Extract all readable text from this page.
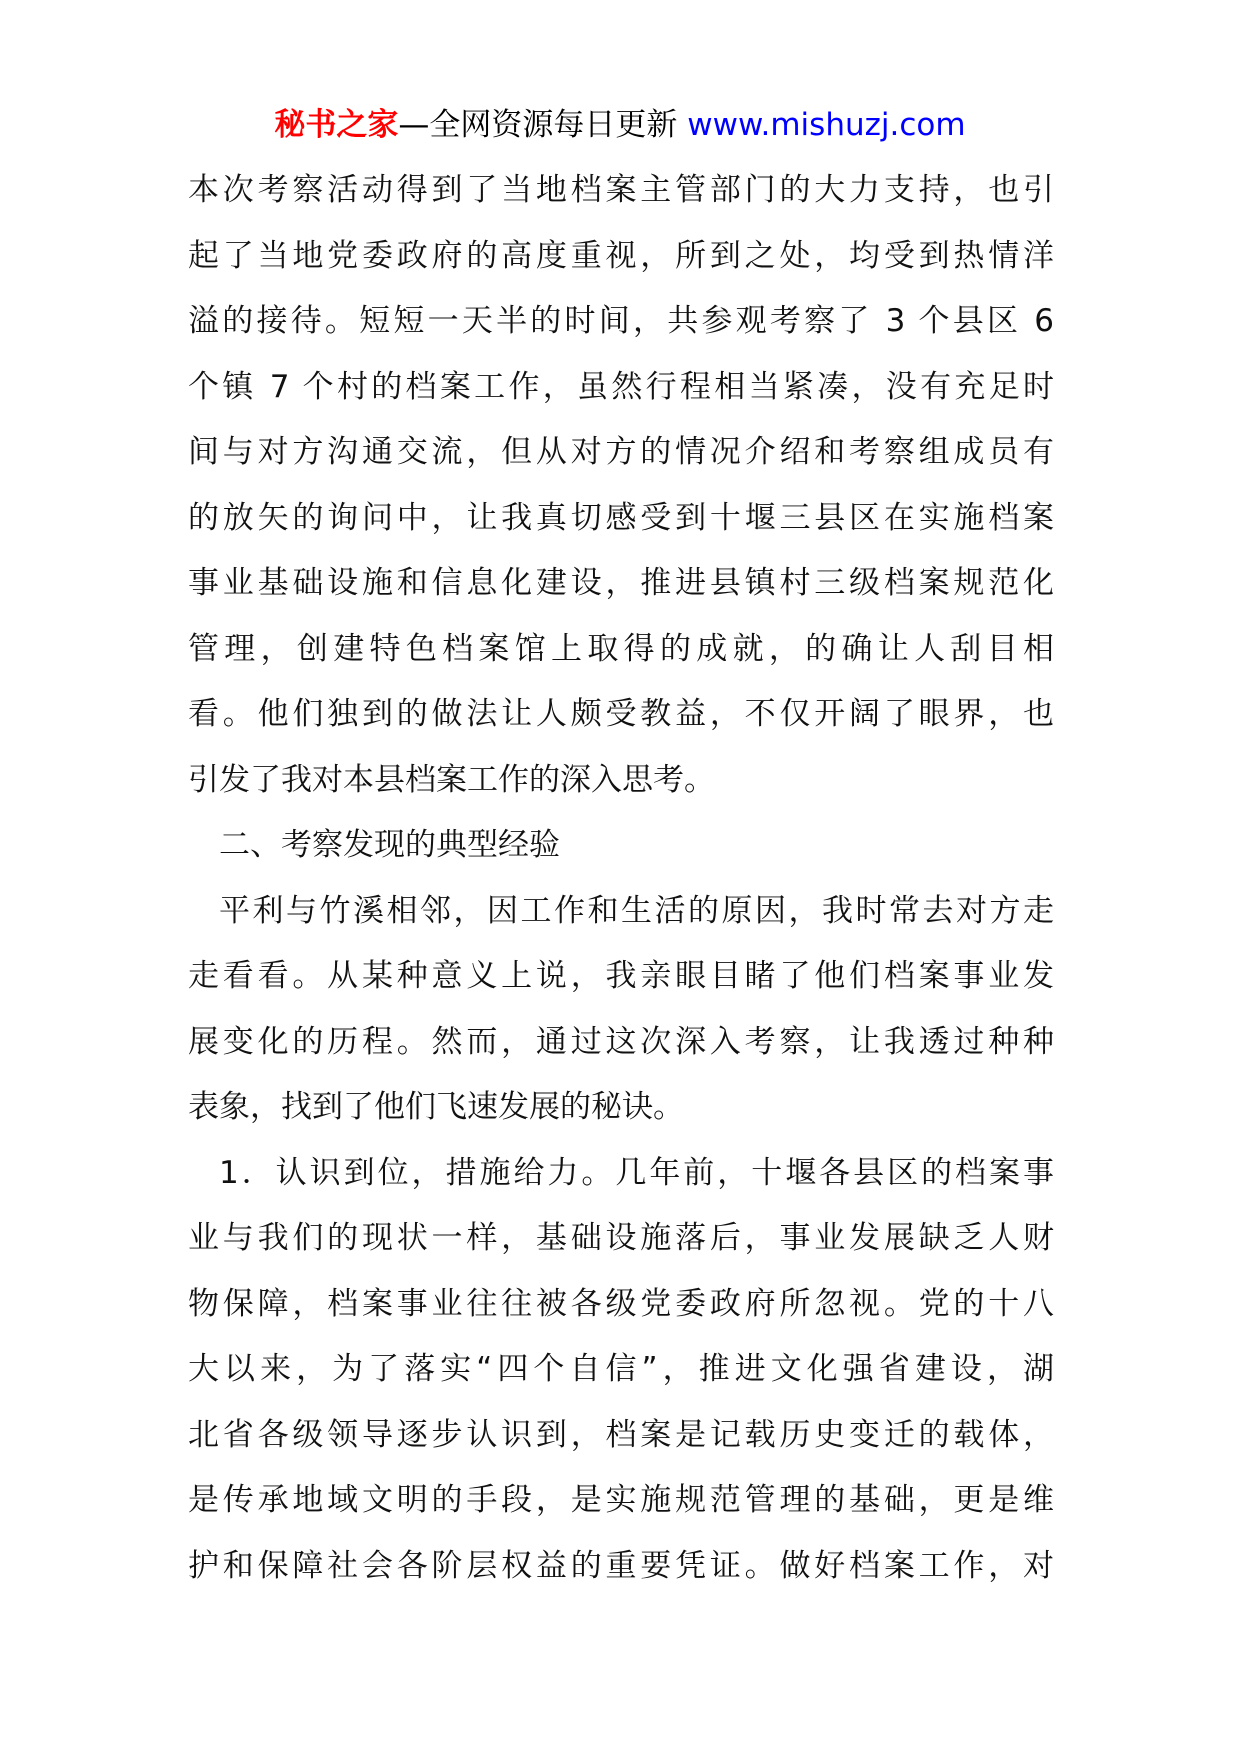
秘书之家—全网资源每日更新 www.mishuzj.com
本次考察活动得到了当地档案主管部门的大力支持，也引
起了当地党委政府的高度重视，所到之处，均受到热情洋
溢的接待。短短一天半的时间，共参观考察了 3 个县区 6
个镇 7 个村的档案工作，虽然行程相当紧凑，没有充足时
间与对方沟通交流，但从对方的情况介绍和考察组成员有
的放矢的询问中，让我真切感受到十堰三县区在实施档案
事业基础设施和信息化建设，推进县镇村三级档案规范化
管理，创建特色档案馆上取得的成就，的确让人刮目相
看。他们独到的做法让人颇受教益，不仅开阔了眼界，也
引发了我对本县档案工作的深入思考。
二、考察发现的典型经验
平利与竹溪相邻，因工作和生活的原因，我时常去对方走
走看看。从某种意义上说，我亲眼目睹了他们档案事业发
展变化的历程。然而，通过这次深入考察，让我透过种种
表象，找到了他们飞速发展的秘诀。
1．认识到位，措施给力。几年前，十堰各县区的档案事
业与我们的现状一样，基础设施落后，事业发展缺乏人财
物保障，档案事业往往被各级党委政府所忽视。党的十八
大以来，为了落实“四个自信”，推进文化强省建设，湖
北省各级领导逐步认识到，档案是记载历史变迁的载体，
是传承地域文明的手段，是实施规范管理的基础，更是维
护和保障社会各阶层权益的重要凭证。做好档案工作，对
